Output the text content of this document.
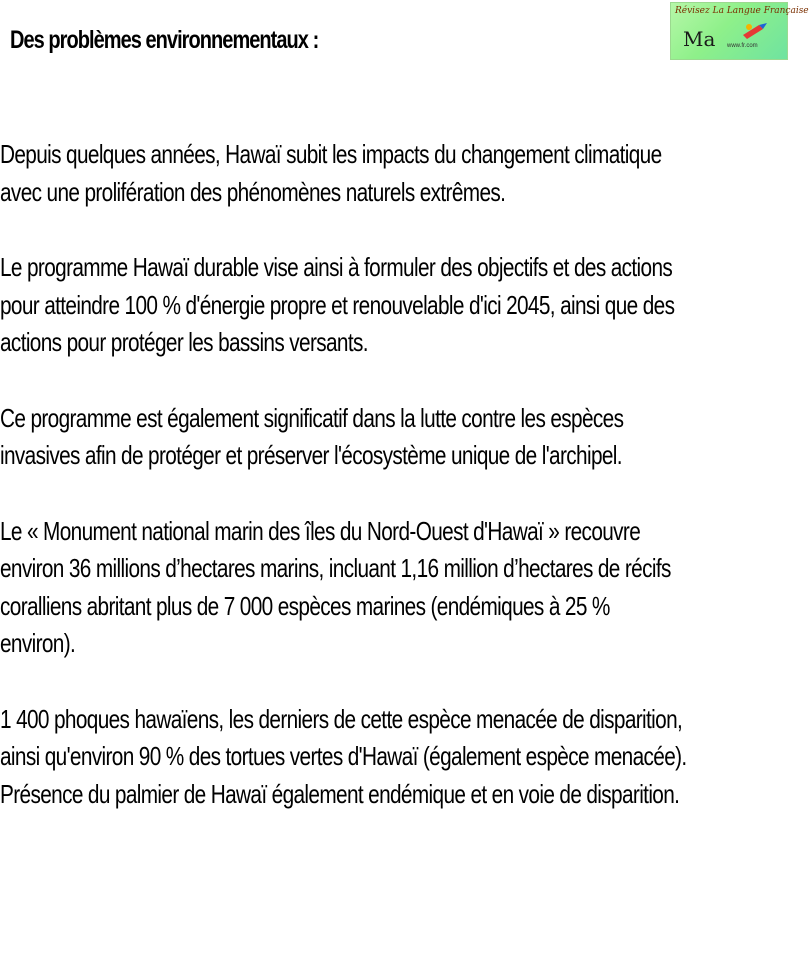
Des problèmes environnementaux :
Révisez La Langue Française
Ma www.fr.com

Depuis quelques années, Hawaï subit les impacts du changement climatique
avec une prolifération des phénomènes naturels extrêmes.

Le programme Hawaï durable vise ainsi à formuler des objectifs et des actions
pour atteindre 100 % d'énergie propre et renouvelable d'ici 2045, ainsi que des
actions pour protéger les bassins versants.

Ce programme est également significatif dans la lutte contre les espèces
invasives afin de protéger et préserver l'écosystème unique de l'archipel.

Le « Monument national marin des îles du Nord-Ouest d'Hawaï » recouvre
environ 36 millions d’hectares marins, incluant 1,16 million d’hectares de récifs
coralliens abritant plus de 7 000 espèces marines (endémiques à 25 %
environ).

1 400 phoques hawaïens, les derniers de cette espèce menacée de disparition,
ainsi qu'environ 90 % des tortues vertes d'Hawaï (également espèce menacée).
Présence du palmier de Hawaï également endémique et en voie de disparition.
